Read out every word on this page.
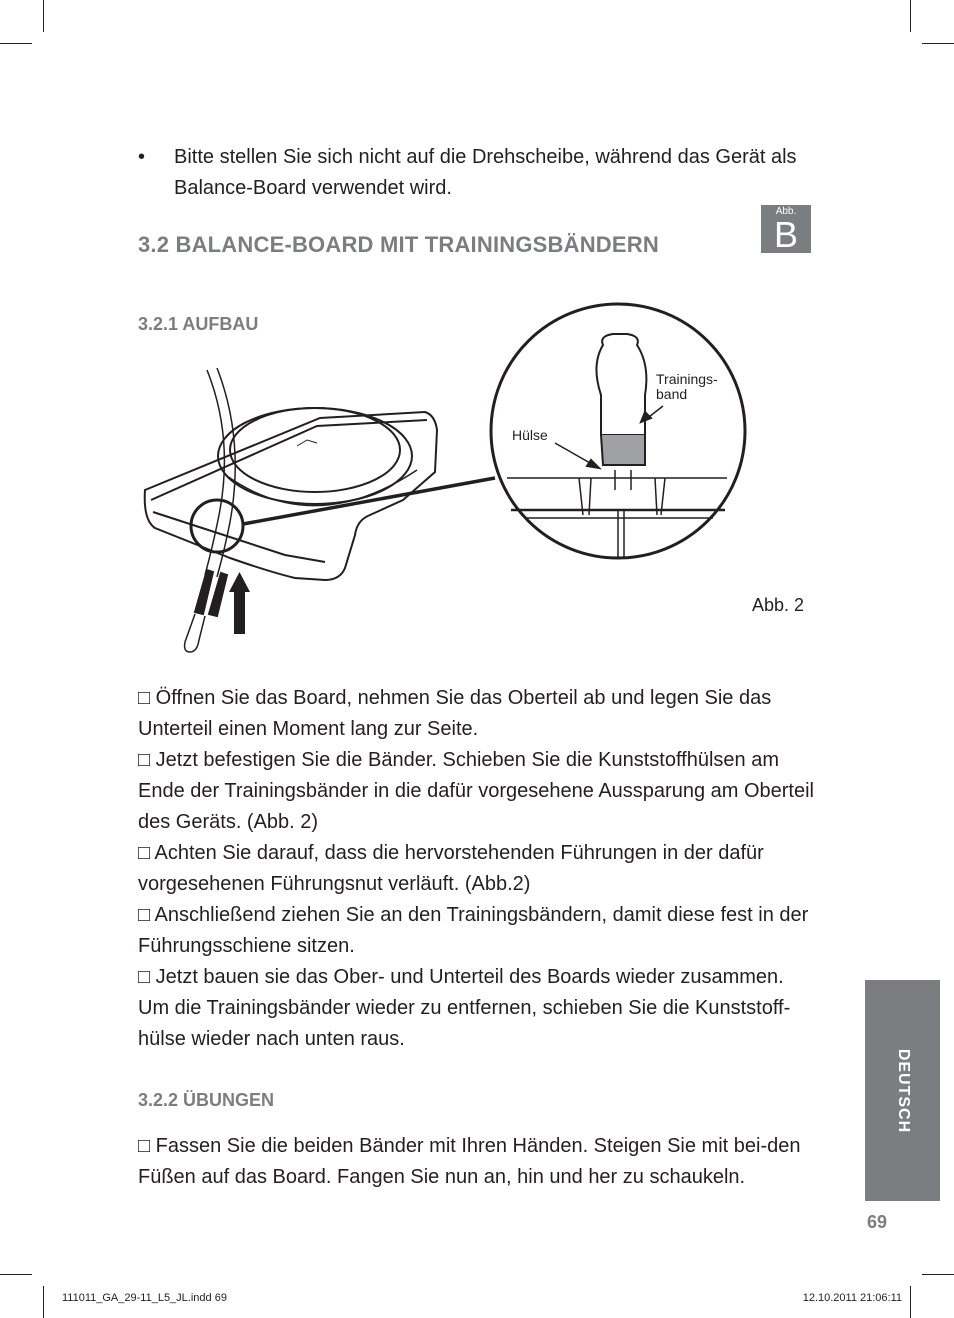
• Bitte stellen Sie sich nicht auf die Drehscheibe, während das Gerät als Balance-Board verwendet wird.
3.2 BALANCE-BOARD MIT TRAININGSBÄNDERN
Abb.
B
3.2.1 AUFBAU
Trainings-
band
Hülse
Abb. 2

□ Öffnen Sie das Board, nehmen Sie das Oberteil ab und legen Sie das Unterteil einen Moment lang zur Seite.

□ Jetzt befestigen Sie die Bänder. Schieben Sie die Kunststoffhülsen am Ende der Trainingsbänder in die dafür vorgesehene Aussparung am Oberteil des Geräts. (Abb. 2)

□ Achten Sie darauf, dass die hervorstehenden Führungen in der dafür vorgesehenen Führungsnut verläuft. (Abb.2)

□ Anschließend ziehen Sie an den Trainingsbändern, damit diese fest in der Führungsschiene sitzen.

□ Jetzt bauen sie das Ober- und Unterteil des Boards wieder zusammen. Um die Trainingsbänder wieder zu entfernen, schieben Sie die Kunststoff-hülse wieder nach unten raus.

3.2.2 ÜBUNGEN

□ Fassen Sie die beiden Bänder mit Ihren Händen. Steigen Sie mit bei-den Füßen auf das Board. Fangen Sie nun an, hin und her zu schaukeln.

DEUTSCH
69
111011_GA_29-11_L5_JL.indd 69	12.10.2011 21:06:11
